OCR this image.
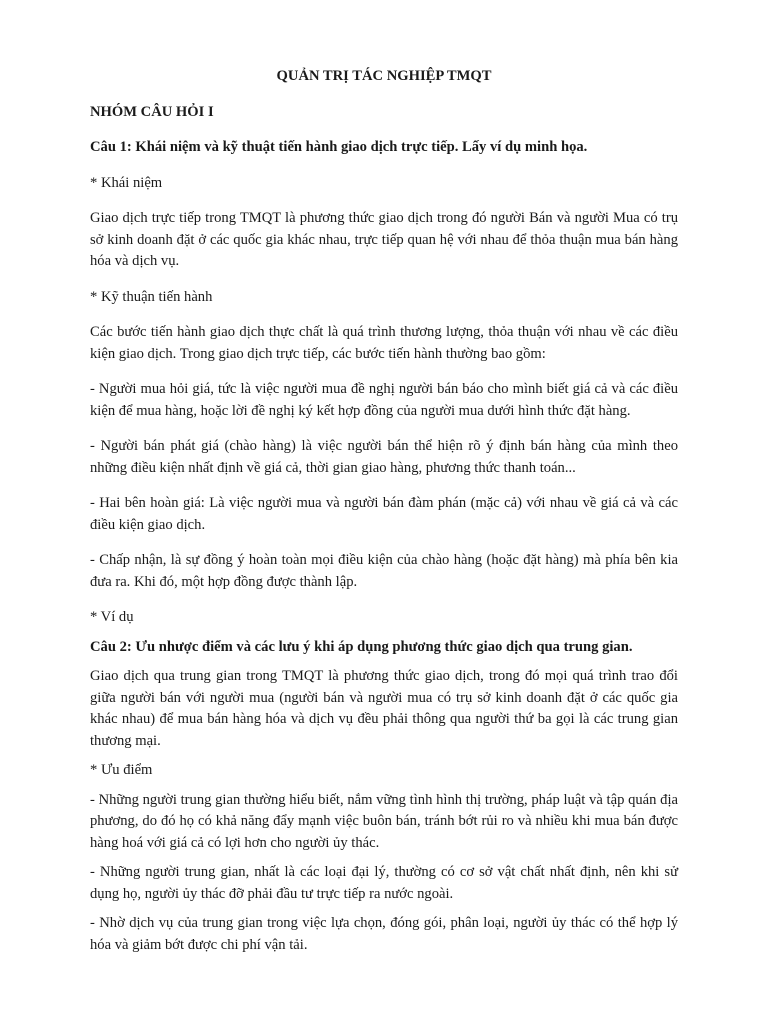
QUẢN TRỊ TÁC NGHIỆP TMQT
NHÓM CÂU HỎI I
Câu 1: Khái niệm và kỹ thuật tiến hành giao dịch trực tiếp. Lấy ví dụ minh họa.
* Khái niệm
Giao dịch trực tiếp trong TMQT là phương thức giao dịch trong đó người Bán và người Mua có trụ sở kinh doanh đặt ở các quốc gia khác nhau, trực tiếp quan hệ với nhau để thỏa thuận mua bán hàng hóa và dịch vụ.
* Kỹ thuận tiến hành
Các bước tiến hành giao dịch thực chất là quá trình thương lượng, thỏa thuận với nhau về các điều kiện giao dịch. Trong giao dịch trực tiếp, các bước tiến hành thường bao gồm:
- Người mua hỏi giá, tức là việc người mua đề nghị người bán báo cho mình biết giá cả và các điều kiện để mua hàng, hoặc lời đề nghị ký kết hợp đồng của người mua dưới hình thức đặt hàng.
- Người bán phát giá (chào hàng) là việc người bán thể hiện rõ ý định bán hàng của mình theo những điều kiện nhất định về giá cả, thời gian giao hàng, phương thức thanh toán...
- Hai bên hoàn giá: Là việc người mua và người bán đàm phán (mặc cả) với nhau về giá cả và các điều kiện giao dịch.
- Chấp nhận, là sự đồng ý hoàn toàn mọi điều kiện của chào hàng (hoặc đặt hàng) mà phía bên kia đưa ra. Khi đó, một hợp đồng được thành lập.
* Ví dụ
Câu 2: Ưu nhược điểm và các lưu ý khi áp dụng phương thức giao dịch qua trung gian.
Giao dịch qua trung gian trong TMQT là phương thức giao dịch, trong đó mọi quá trình trao đổi giữa người bán với người mua (người bán và người mua có trụ sở kinh doanh đặt ở các quốc gia khác nhau) để mua bán hàng hóa và dịch vụ đều phải thông qua người thứ ba gọi là các trung gian thương mại.
* Ưu điểm
- Những người trung gian thường hiểu biết, nắm vững tình hình thị trường, pháp luật và tập quán địa phương, do đó họ có khả năng đẩy mạnh việc buôn bán, tránh bớt rủi ro và nhiều khi mua bán được hàng hoá với giá cả có lợi hơn cho người ủy thác.
- Những người trung gian, nhất là các loại đại lý, thường có cơ sở vật chất nhất định, nên khi sử dụng họ, người ủy thác đỡ phải đầu tư trực tiếp ra nước ngoài.
- Nhờ dịch vụ của trung gian trong việc lựa chọn, đóng gói, phân loại, người ủy thác có thể hợp lý hóa và giảm bớt được chi phí vận tải.
